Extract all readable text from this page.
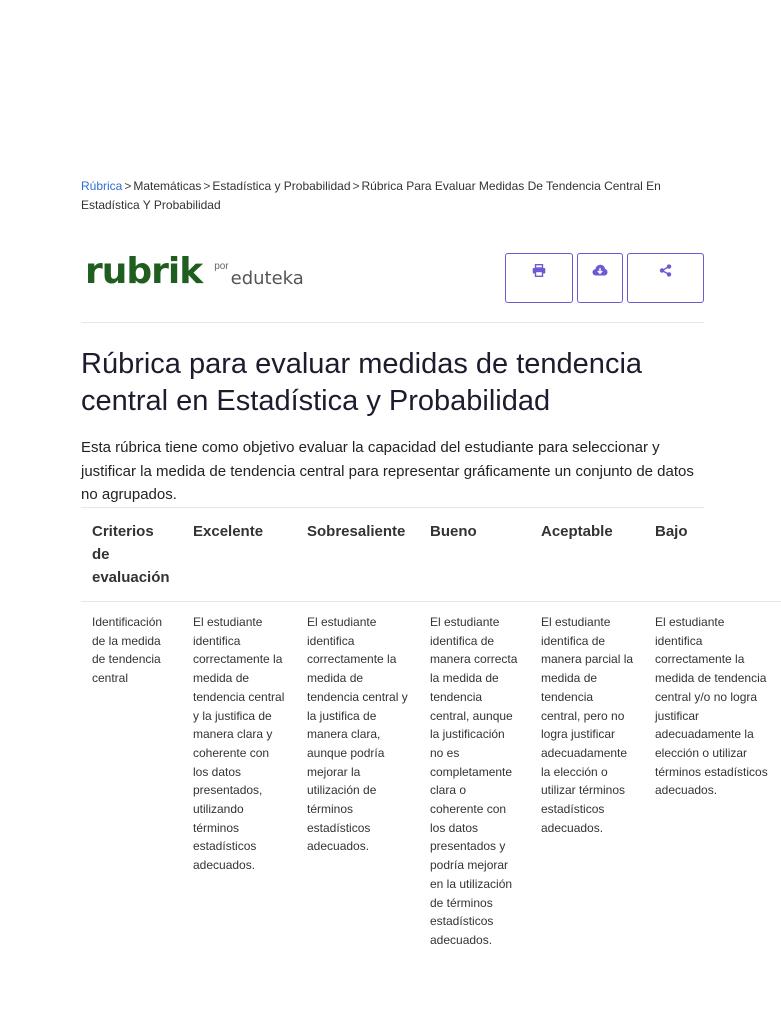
Rúbrica > Matemáticas > Estadística y Probabilidad > Rúbrica Para Evaluar Medidas De Tendencia Central En Estadística Y Probabilidad
rubrik por
eduteka
Rúbrica para evaluar medidas de tendencia central en Estadística y Probabilidad

Esta rúbrica tiene como objetivo evaluar la capacidad del estudiante para seleccionar y justificar la medida de tendencia central para representar gráficamente un conjunto de datos no agrupados.

Criterios de evaluación	Excelente	Sobresaliente	Bueno	Aceptable	Bajo
Identificación de la medida de tendencia central	El estudiante identifica correctamente la medida de tendencia central y la justifica de manera clara y coherente con los datos presentados, utilizando términos estadísticos adecuados.	El estudiante identifica correctamente la medida de tendencia central y la justifica de manera clara, aunque podría mejorar la utilización de términos estadísticos adecuados.	El estudiante identifica de manera correcta la medida de tendencia central, aunque la justificación no es completamente clara o coherente con los datos presentados y podría mejorar en la utilización de términos estadísticos adecuados.	El estudiante identifica de manera parcial la medida de tendencia central, pero no logra justificar adecuadamente la elección o utilizar términos estadísticos adecuados.	El estudiante identifica correctamente la medida de tendencia central y/o no logra justificar adecuadamente la elección o utilizar términos estadísticos adecuados.
